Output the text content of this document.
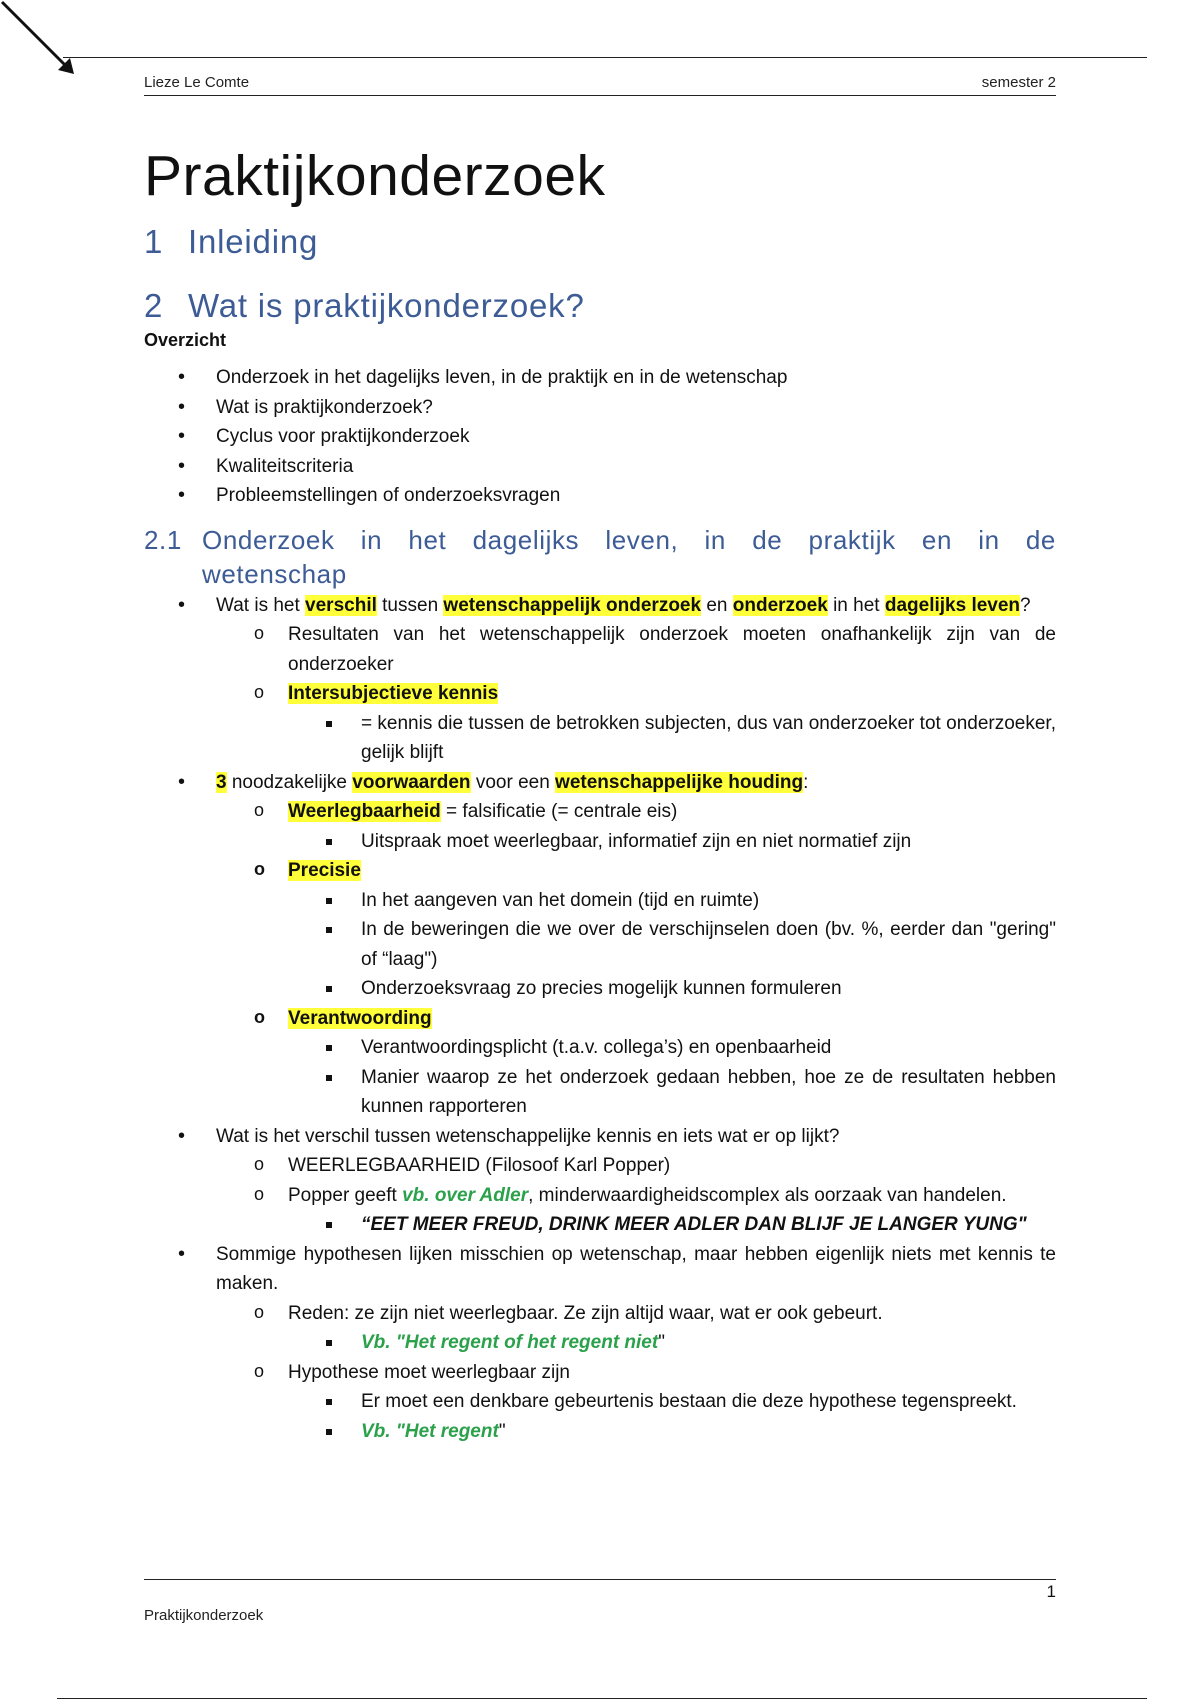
Lieze Le Comte	semester 2
Praktijkonderzoek
1 Inleiding
2 Wat is praktijkonderzoek?
Overzicht
• Onderzoek in het dagelijks leven, in de praktijk en in de wetenschap
• Wat is praktijkonderzoek?
• Cyclus voor praktijkonderzoek
• Kwaliteitscriteria
• Probleemstellingen of onderzoeksvragen
2.1 Onderzoek in het dagelijks leven, in de praktijk en in de wetenschap
• Wat is het verschil tussen wetenschappelijk onderzoek en onderzoek in het dagelijks leven?
o Resultaten van het wetenschappelijk onderzoek moeten onafhankelijk zijn van de onderzoeker
o Intersubjectieve kennis
= kennis die tussen de betrokken subjecten, dus van onderzoeker tot onderzoeker, gelijk blijft
• 3 noodzakelijke voorwaarden voor een wetenschappelijke houding:
o Weerlegbaarheid = falsificatie (= centrale eis)
Uitspraak moet weerlegbaar, informatief zijn en niet normatief zijn
o Precisie
In het aangeven van het domein (tijd en ruimte)
In de beweringen die we over de verschijnselen doen (bv. %, eerder dan "gering" of “laag")
Onderzoeksvraag zo precies mogelijk kunnen formuleren
o Verantwoording
Verantwoordingsplicht (t.a.v. collega’s) en openbaarheid
Manier waarop ze het onderzoek gedaan hebben, hoe ze de resultaten hebben kunnen rapporteren
• Wat is het verschil tussen wetenschappelijke kennis en iets wat er op lijkt?
o WEERLEGBAARHEID (Filosoof Karl Popper)
o Popper geeft vb. over Adler, minderwaardigheidscomplex als oorzaak van handelen.
“EET MEER FREUD, DRINK MEER ADLER DAN BLIJF JE LANGER YUNG"
• Sommige hypothesen lijken misschien op wetenschap, maar hebben eigenlijk niets met kennis te maken.
o Reden: ze zijn niet weerlegbaar. Ze zijn altijd waar, wat er ook gebeurt.
Vb. "Het regent of het regent niet"
o Hypothese moet weerlegbaar zijn
Er moet een denkbare gebeurtenis bestaan die deze hypothese tegenspreekt.
Vb. "Het regent"
1
Praktijkonderzoek
